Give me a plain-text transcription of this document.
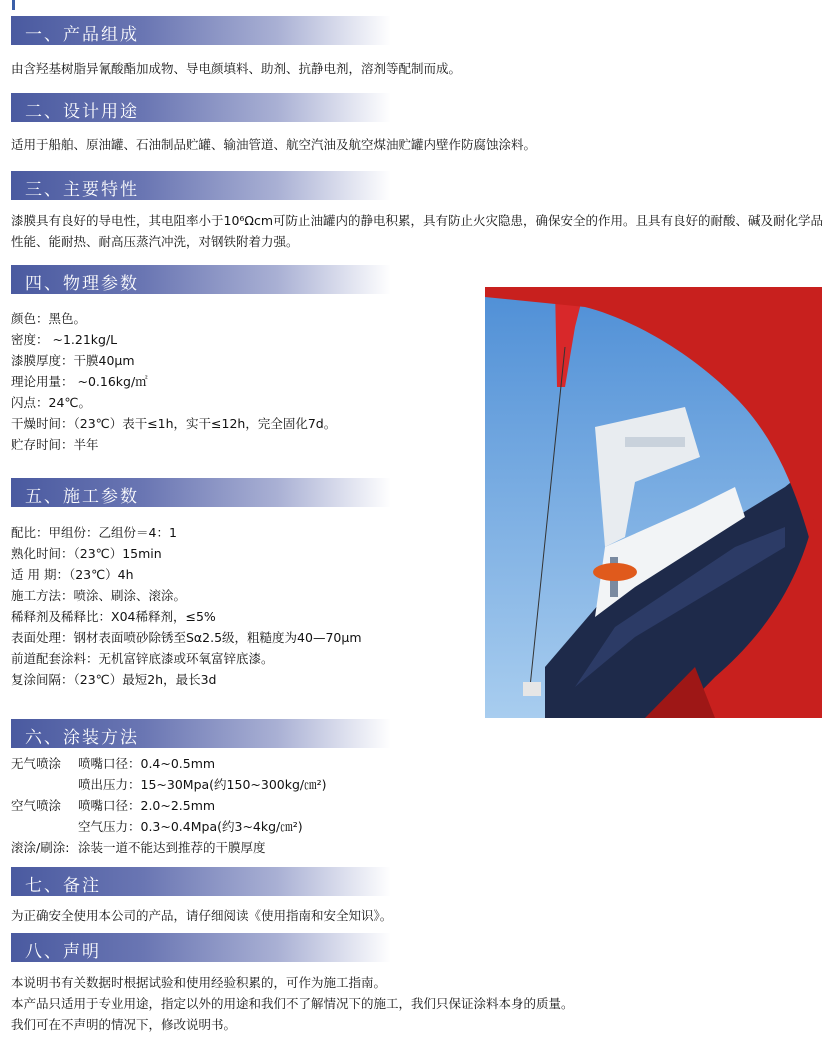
一、产品组成
由含羟基树脂异氰酸酯加成物、导电颜填料、助剂、抗静电剂，溶剂等配制而成。
二、设计用途
适用于船舶、原油罐、石油制品贮罐、输油管道、航空汽油及航空煤油贮罐内壁作防腐蚀涂料。
三、主要特性
漆膜具有良好的导电性，其电阻率小于10⁶Ωcm可防止油罐内的静电积累，具有防止火灾隐患，确保安全的作用。且具有良好的耐酸、碱及耐化学品性能、能耐热、耐高压蒸汽冲洗，对钢铁附着力强。
四、物理参数
颜色：黑色。
密度： ~1.21kg/L
漆膜厚度：干膜40μm
理论用量： ~0.16kg/㎡
闪点：24℃。
干燥时间：（23℃）表干≤1h，实干≤12h，完全固化7d。
贮存时间：半年
五、施工参数
配比：甲组份：乙组份＝4：1
熟化时间：（23℃）15min
适 用 期：（23℃）4h
施工方法：喷涂、刷涂、滚涂。
稀释剂及稀释比：X04稀释剂，≤5%
表面处理：钢材表面喷砂除锈至Sα2.5级，粗糙度为40—70μm
前道配套涂料：无机富锌底漆或环氧富锌底漆。
复涂间隔：（23℃）最短2h，最长3d
六、涂装方法
无气喷涂 喷嘴口径：0.4~0.5mm
喷出压力：15~30Mpa(约150~300kg/㎝²)
空气喷涂 喷嘴口径：2.0~2.5mm
空气压力：0.3~0.4Mpa(约3~4kg/㎝²)
滚涂/刷涂: 涂装一道不能达到推荐的干膜厚度
七、备注
为正确安全使用本公司的产品，请仔细阅读《使用指南和安全知识》。
八、声明
本说明书有关数据时根据试验和使用经验积累的，可作为施工指南。
本产品只适用于专业用途，指定以外的用途和我们不了解情况下的施工，我们只保证涂料本身的质量。
我们可在不声明的情况下，修改说明书。
